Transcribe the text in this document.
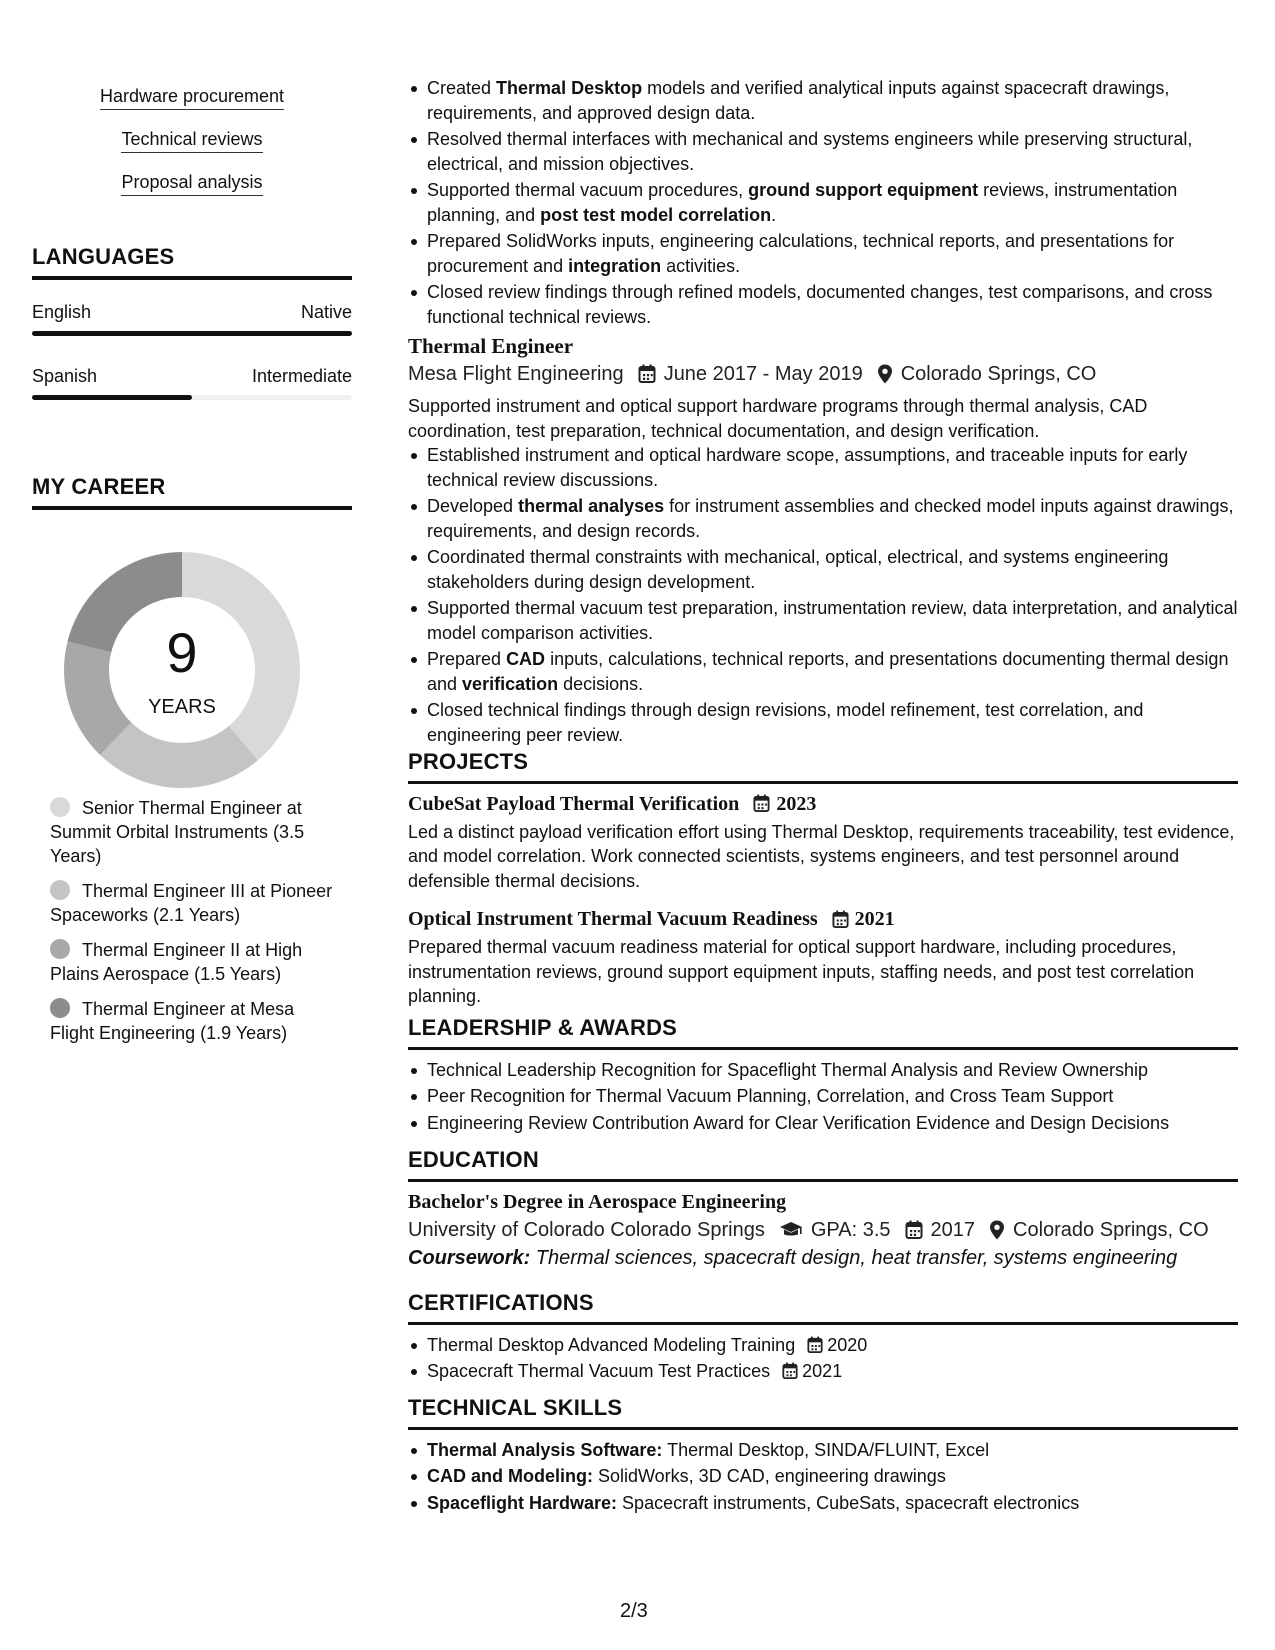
Hardware procurement
Technical reviews
Proposal analysis
LANGUAGES
English	Native
Spanish	Intermediate
MY CAREER
9
YEARS
Senior Thermal Engineer at Summit Orbital Instruments (3.5 Years)
Thermal Engineer III at Pioneer Spaceworks (2.1 Years)
Thermal Engineer II at High Plains Aerospace (1.5 Years)
Thermal Engineer at Mesa Flight Engineering (1.9 Years)
Created Thermal Desktop models and verified analytical inputs against spacecraft drawings, requirements, and approved design data.
Resolved thermal interfaces with mechanical and systems engineers while preserving structural, electrical, and mission objectives.
Supported thermal vacuum procedures, ground support equipment reviews, instrumentation planning, and post test model correlation.
Prepared SolidWorks inputs, engineering calculations, technical reports, and presentations for procurement and integration activities.
Closed review findings through refined models, documented changes, test comparisons, and cross functional technical reviews.
Thermal Engineer
Mesa Flight Engineering June 2017 - May 2019 Colorado Springs, CO
Supported instrument and optical support hardware programs through thermal analysis, CAD coordination, test preparation, technical documentation, and design verification.
Established instrument and optical hardware scope, assumptions, and traceable inputs for early technical review discussions.
Developed thermal analyses for instrument assemblies and checked model inputs against drawings, requirements, and design records.
Coordinated thermal constraints with mechanical, optical, electrical, and systems engineering stakeholders during design development.
Supported thermal vacuum test preparation, instrumentation review, data interpretation, and analytical model comparison activities.
Prepared CAD inputs, calculations, technical reports, and presentations documenting thermal design and verification decisions.
Closed technical findings through design revisions, model refinement, test correlation, and engineering peer review.
PROJECTS
CubeSat Payload Thermal Verification 2023
Led a distinct payload verification effort using Thermal Desktop, requirements traceability, test evidence, and model correlation. Work connected scientists, systems engineers, and test personnel around defensible thermal decisions.
Optical Instrument Thermal Vacuum Readiness 2021
Prepared thermal vacuum readiness material for optical support hardware, including procedures, instrumentation reviews, ground support equipment inputs, staffing needs, and post test correlation planning.
LEADERSHIP & AWARDS
Technical Leadership Recognition for Spaceflight Thermal Analysis and Review Ownership
Peer Recognition for Thermal Vacuum Planning, Correlation, and Cross Team Support
Engineering Review Contribution Award for Clear Verification Evidence and Design Decisions
EDUCATION
Bachelor's Degree in Aerospace Engineering
University of Colorado Colorado Springs GPA: 3.5 2017 Colorado Springs, CO
Coursework: Thermal sciences, spacecraft design, heat transfer, systems engineering
CERTIFICATIONS
Thermal Desktop Advanced Modeling Training 2020
Spacecraft Thermal Vacuum Test Practices 2021
TECHNICAL SKILLS
Thermal Analysis Software: Thermal Desktop, SINDA/FLUINT, Excel
CAD and Modeling: SolidWorks, 3D CAD, engineering drawings
Spaceflight Hardware: Spacecraft instruments, CubeSats, spacecraft electronics
2/3
